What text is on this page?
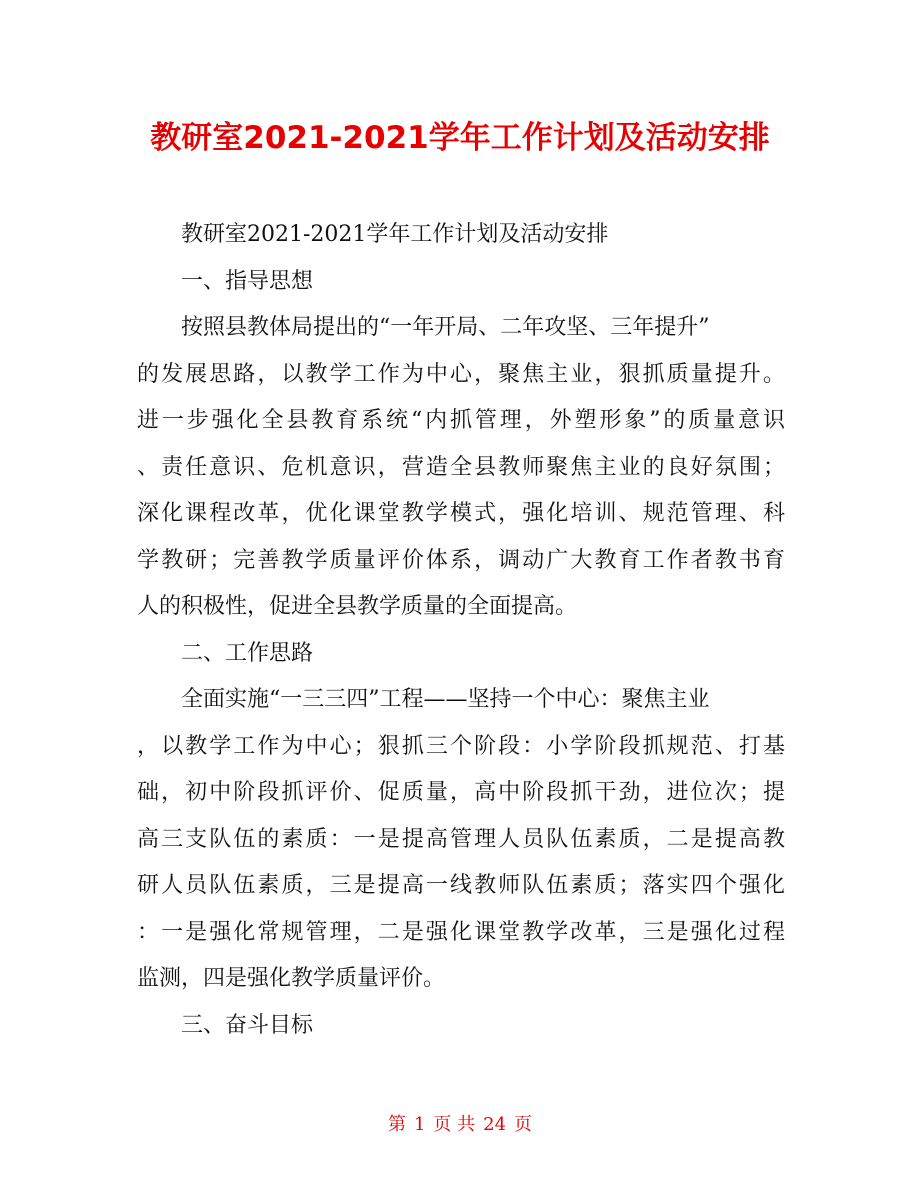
教研室2021-2021学年工作计划及活动安排
教研室2021-2021学年工作计划及活动安排
一、指导思想
按照县教体局提出的“一年开局、二年攻坚、三年提升”
的发展思路，以教学工作为中心，聚焦主业，狠抓质量提升。
进一步强化全县教育系统“内抓管理，外塑形象”的质量意识
、责任意识、危机意识，营造全县教师聚焦主业的良好氛围；
深化课程改革，优化课堂教学模式，强化培训、规范管理、科
学教研；完善教学质量评价体系，调动广大教育工作者教书育
人的积极性，促进全县教学质量的全面提高。
二、工作思路
全面实施“一三三四”工程——坚持一个中心：聚焦主业
，以教学工作为中心；狠抓三个阶段：小学阶段抓规范、打基
础，初中阶段抓评价、促质量，高中阶段抓干劲，进位次；提
高三支队伍的素质：一是提高管理人员队伍素质，二是提高教
研人员队伍素质，三是提高一线教师队伍素质；落实四个强化
：一是强化常规管理，二是强化课堂教学改革，三是强化过程
监测，四是强化教学质量评价。
三、奋斗目标
第 1 页 共 24 页
